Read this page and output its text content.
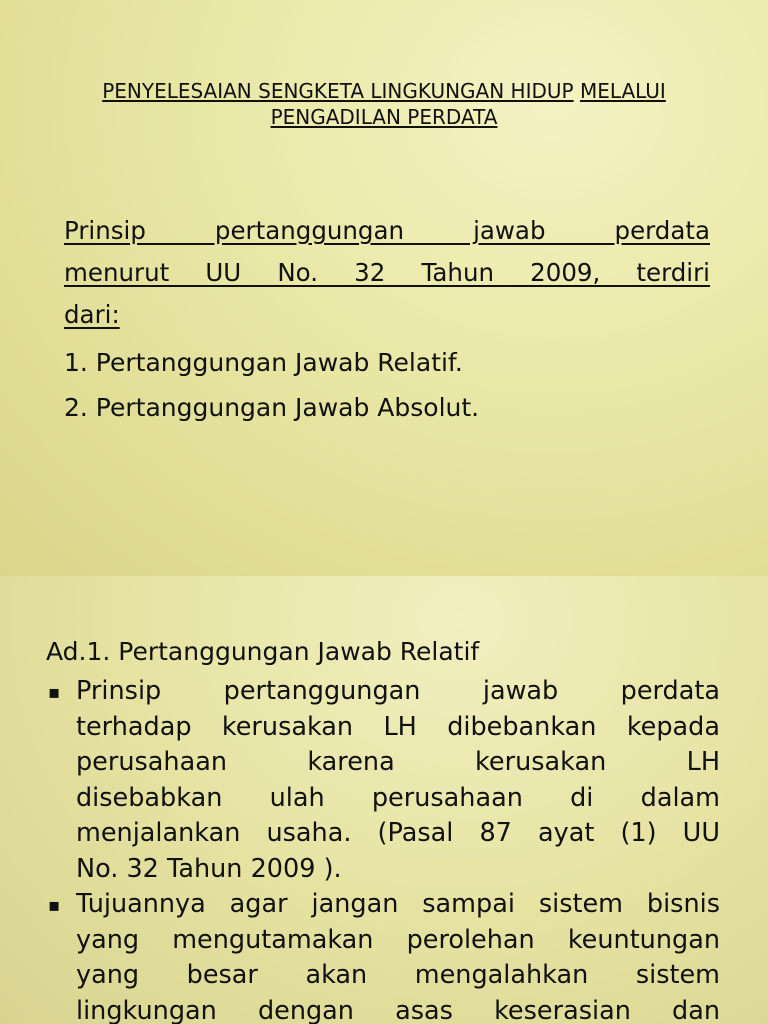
PENYELESAIAN SENGKETA LINGKUNGAN HIDUP MELALUI
PENGADILAN PERDATA
Prinsip pertanggungan jawab perdata
menurut UU No. 32 Tahun 2009, terdiri
dari:
1. Pertanggungan Jawab Relatif.
2. Pertanggungan Jawab Absolut.
Ad.1. Pertanggungan Jawab Relatif
▪ Prinsip pertanggungan jawab perdata
terhadap kerusakan LH dibebankan kepada
perusahaan karena kerusakan LH
disebabkan ulah perusahaan di dalam
menjalankan usaha. (Pasal 87 ayat (1) UU
No. 32 Tahun 2009 ).
▪ Tujuannya agar jangan sampai sistem bisnis
yang mengutamakan perolehan keuntungan
yang besar akan mengalahkan sistem
lingkungan dengan asas keserasian dan
